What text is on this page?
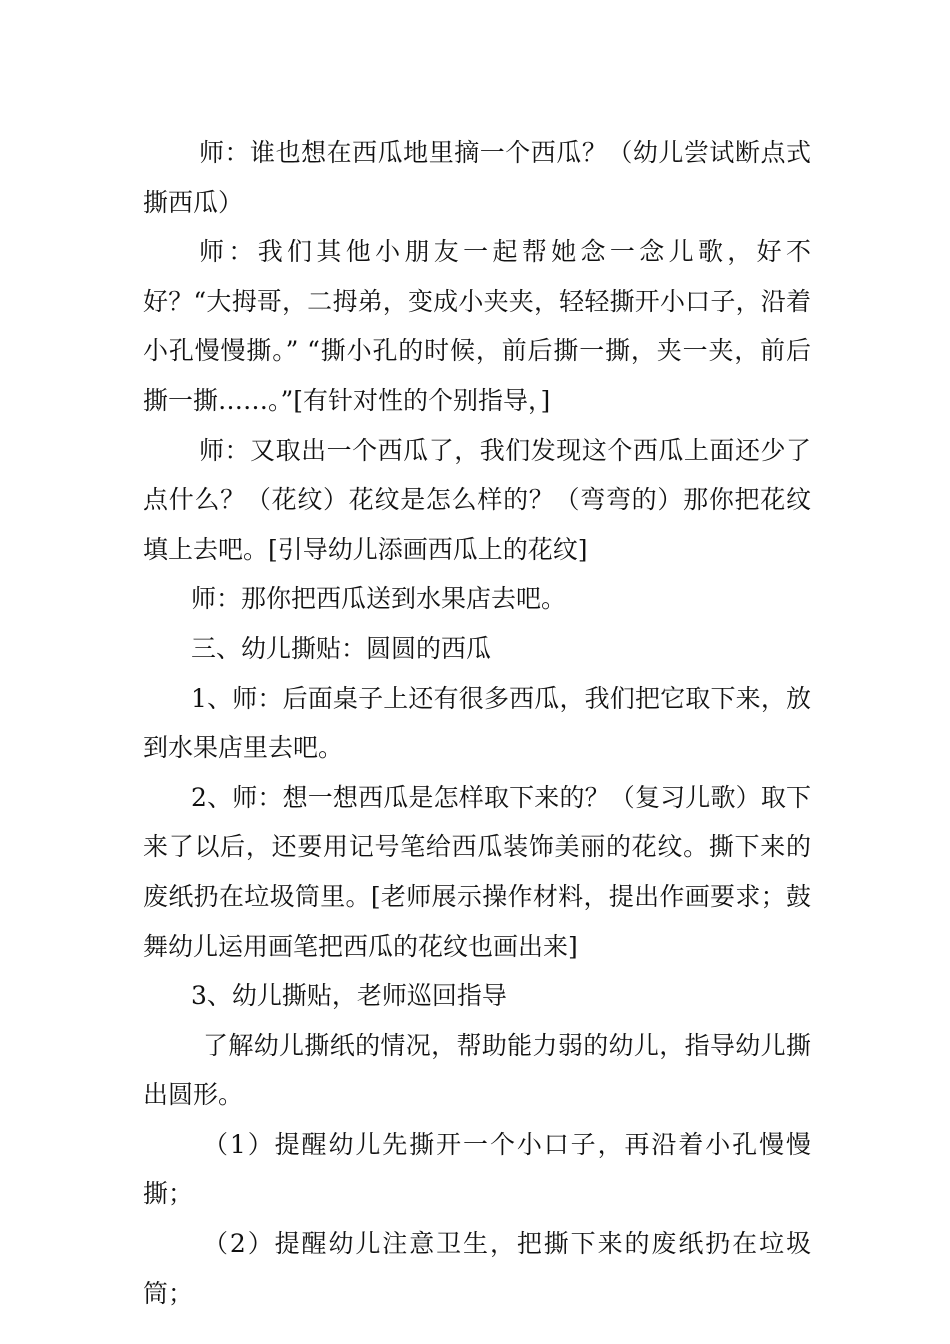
师：谁也想在西瓜地里摘一个西瓜？（幼儿尝试断点式撕西瓜）

师：我们其他小朋友一起帮她念一念儿歌，好不好？“大拇哥，二拇弟，变成小夹夹，轻轻撕开小口子，沿着小孔慢慢撕。” “撕小孔的时候，前后撕一撕，夹一夹，前后撕一撕……。”[有针对性的个别指导，]

师：又取出一个西瓜了，我们发现这个西瓜上面还少了点什么？（花纹）花纹是怎么样的？（弯弯的）那你把花纹填上去吧。[引导幼儿添画西瓜上的花纹]

师：那你把西瓜送到水果店去吧。

三、幼儿撕贴：圆圆的西瓜

1、师：后面桌子上还有很多西瓜，我们把它取下来，放到水果店里去吧。

2、师：想一想西瓜是怎样取下来的？（复习儿歌）取下来了以后，还要用记号笔给西瓜装饰美丽的花纹。撕下来的废纸扔在垃圾筒里。[老师展示操作材料，提出作画要求；鼓舞幼儿运用画笔把西瓜的花纹也画出来]

3、幼儿撕贴，老师巡回指导

了解幼儿撕纸的情况，帮助能力弱的幼儿，指导幼儿撕出圆形。

（1）提醒幼儿先撕开一个小口子，再沿着小孔慢慢撕；

（2）提醒幼儿注意卫生，把撕下来的废纸扔在垃圾筒；
